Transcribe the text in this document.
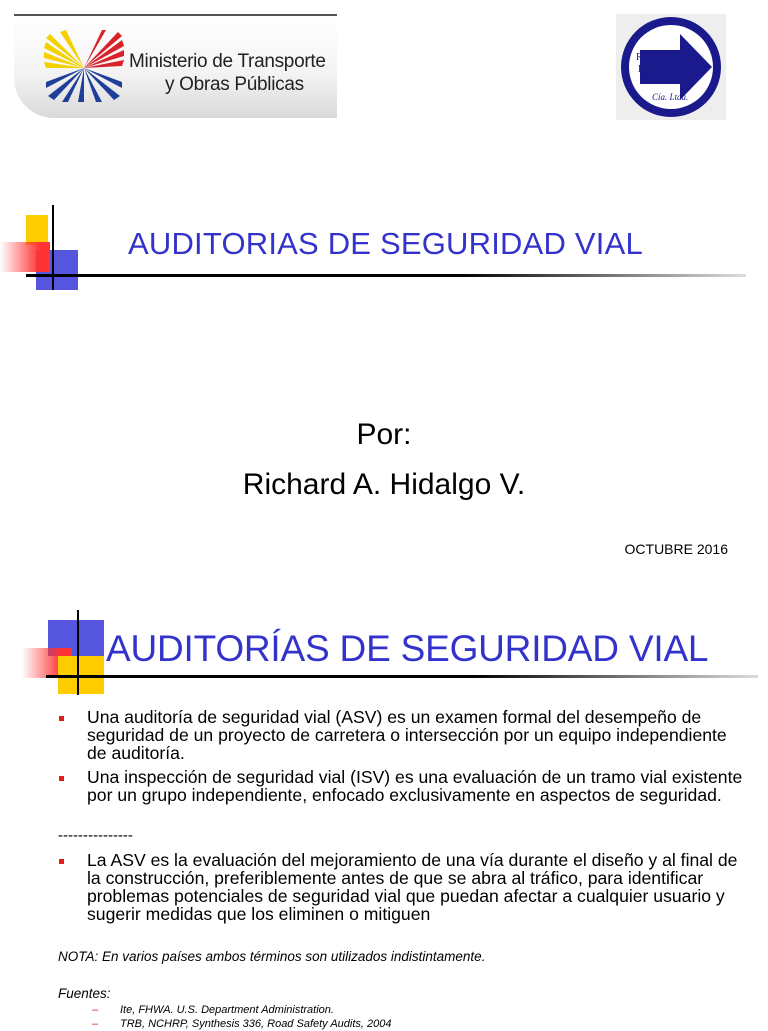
Ministerio de Transporte
y Obras Públicas
R
H
V
Cía. Ltda.
AUDITORIAS DE SEGURIDAD VIAL
Por:
Richard A. Hidalgo V.
OCTUBRE 2016
AUDITORÍAS DE SEGURIDAD VIAL
Una auditoría de seguridad vial (ASV) es un examen formal del desempeño de seguridad de un proyecto de carretera o intersección por un equipo independiente de auditoría.
Una inspección de seguridad vial (ISV) es una evaluación de un tramo vial existente por un grupo independiente, enfocado exclusivamente en aspectos de seguridad.
---------------
La ASV es la evaluación del mejoramiento de una vía durante el diseño y al final de la construcción, preferiblemente antes de que se abra al tráfico, para identificar problemas potenciales de seguridad vial que puedan afectar a cualquier usuario y sugerir medidas que los eliminen o mitiguen
NOTA: En varios países ambos términos son utilizados indistintamente.
Fuentes:
– Ite, FHWA. U.S. Department Administration.
– TRB, NCHRP, Synthesis 336, Road Safety Audits, 2004
